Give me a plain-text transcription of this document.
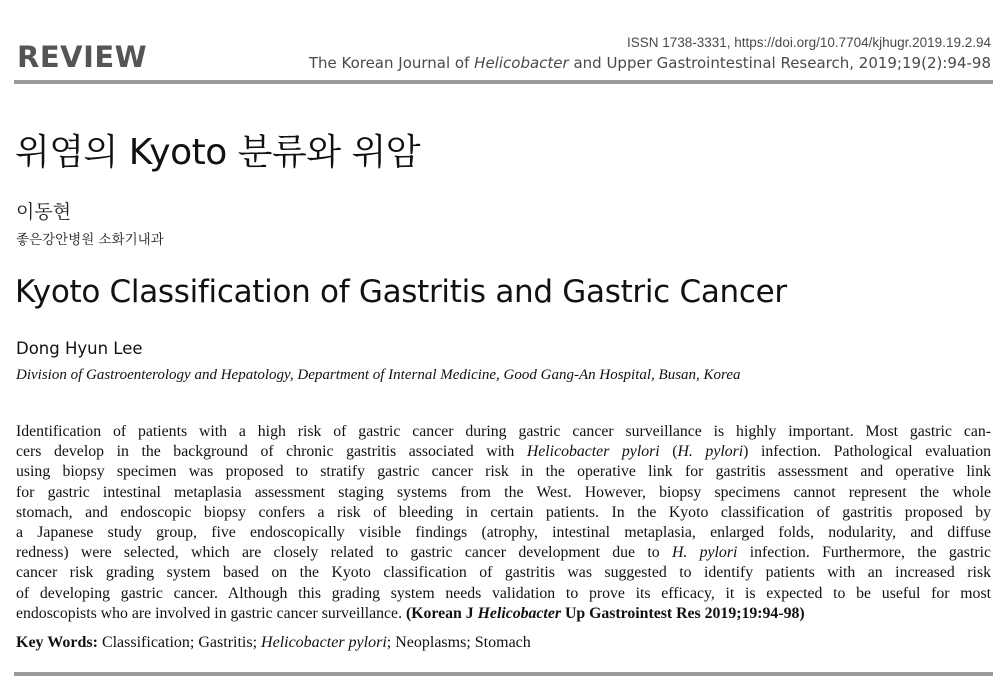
REVIEW	ISSN 1738-3331, https://doi.org/10.7704/kjhugr.2019.19.2.94
The Korean Journal of Helicobacter and Upper Gastrointestinal Research, 2019;19(2):94-98
위염의 Kyoto 분류와 위암
이동현
좋은강안병원 소화기내과
Kyoto Classification of Gastritis and Gastric Cancer
Dong Hyun Lee
Division of Gastroenterology and Hepatology, Department of Internal Medicine, Good Gang-An Hospital, Busan, Korea
Identification of patients with a high risk of gastric cancer during gastric cancer surveillance is highly important. Most gastric can-
cers develop in the background of chronic gastritis associated with Helicobacter pylori (H. pylori) infection. Pathological evaluation
using biopsy specimen was proposed to stratify gastric cancer risk in the operative link for gastritis assessment and operative link
for gastric intestinal metaplasia assessment staging systems from the West. However, biopsy specimens cannot represent the whole
stomach, and endoscopic biopsy confers a risk of bleeding in certain patients. In the Kyoto classification of gastritis proposed by
a Japanese study group, five endoscopically visible findings (atrophy, intestinal metaplasia, enlarged folds, nodularity, and diffuse
redness) were selected, which are closely related to gastric cancer development due to H. pylori infection. Furthermore, the gastric
cancer risk grading system based on the Kyoto classification of gastritis was suggested to identify patients with an increased risk
of developing gastric cancer. Although this grading system needs validation to prove its efficacy, it is expected to be useful for most
endoscopists who are involved in gastric cancer surveillance. (Korean J Helicobacter Up Gastrointest Res 2019;19:94-98)
Key Words: Classification; Gastritis; Helicobacter pylori; Neoplasms; Stomach
